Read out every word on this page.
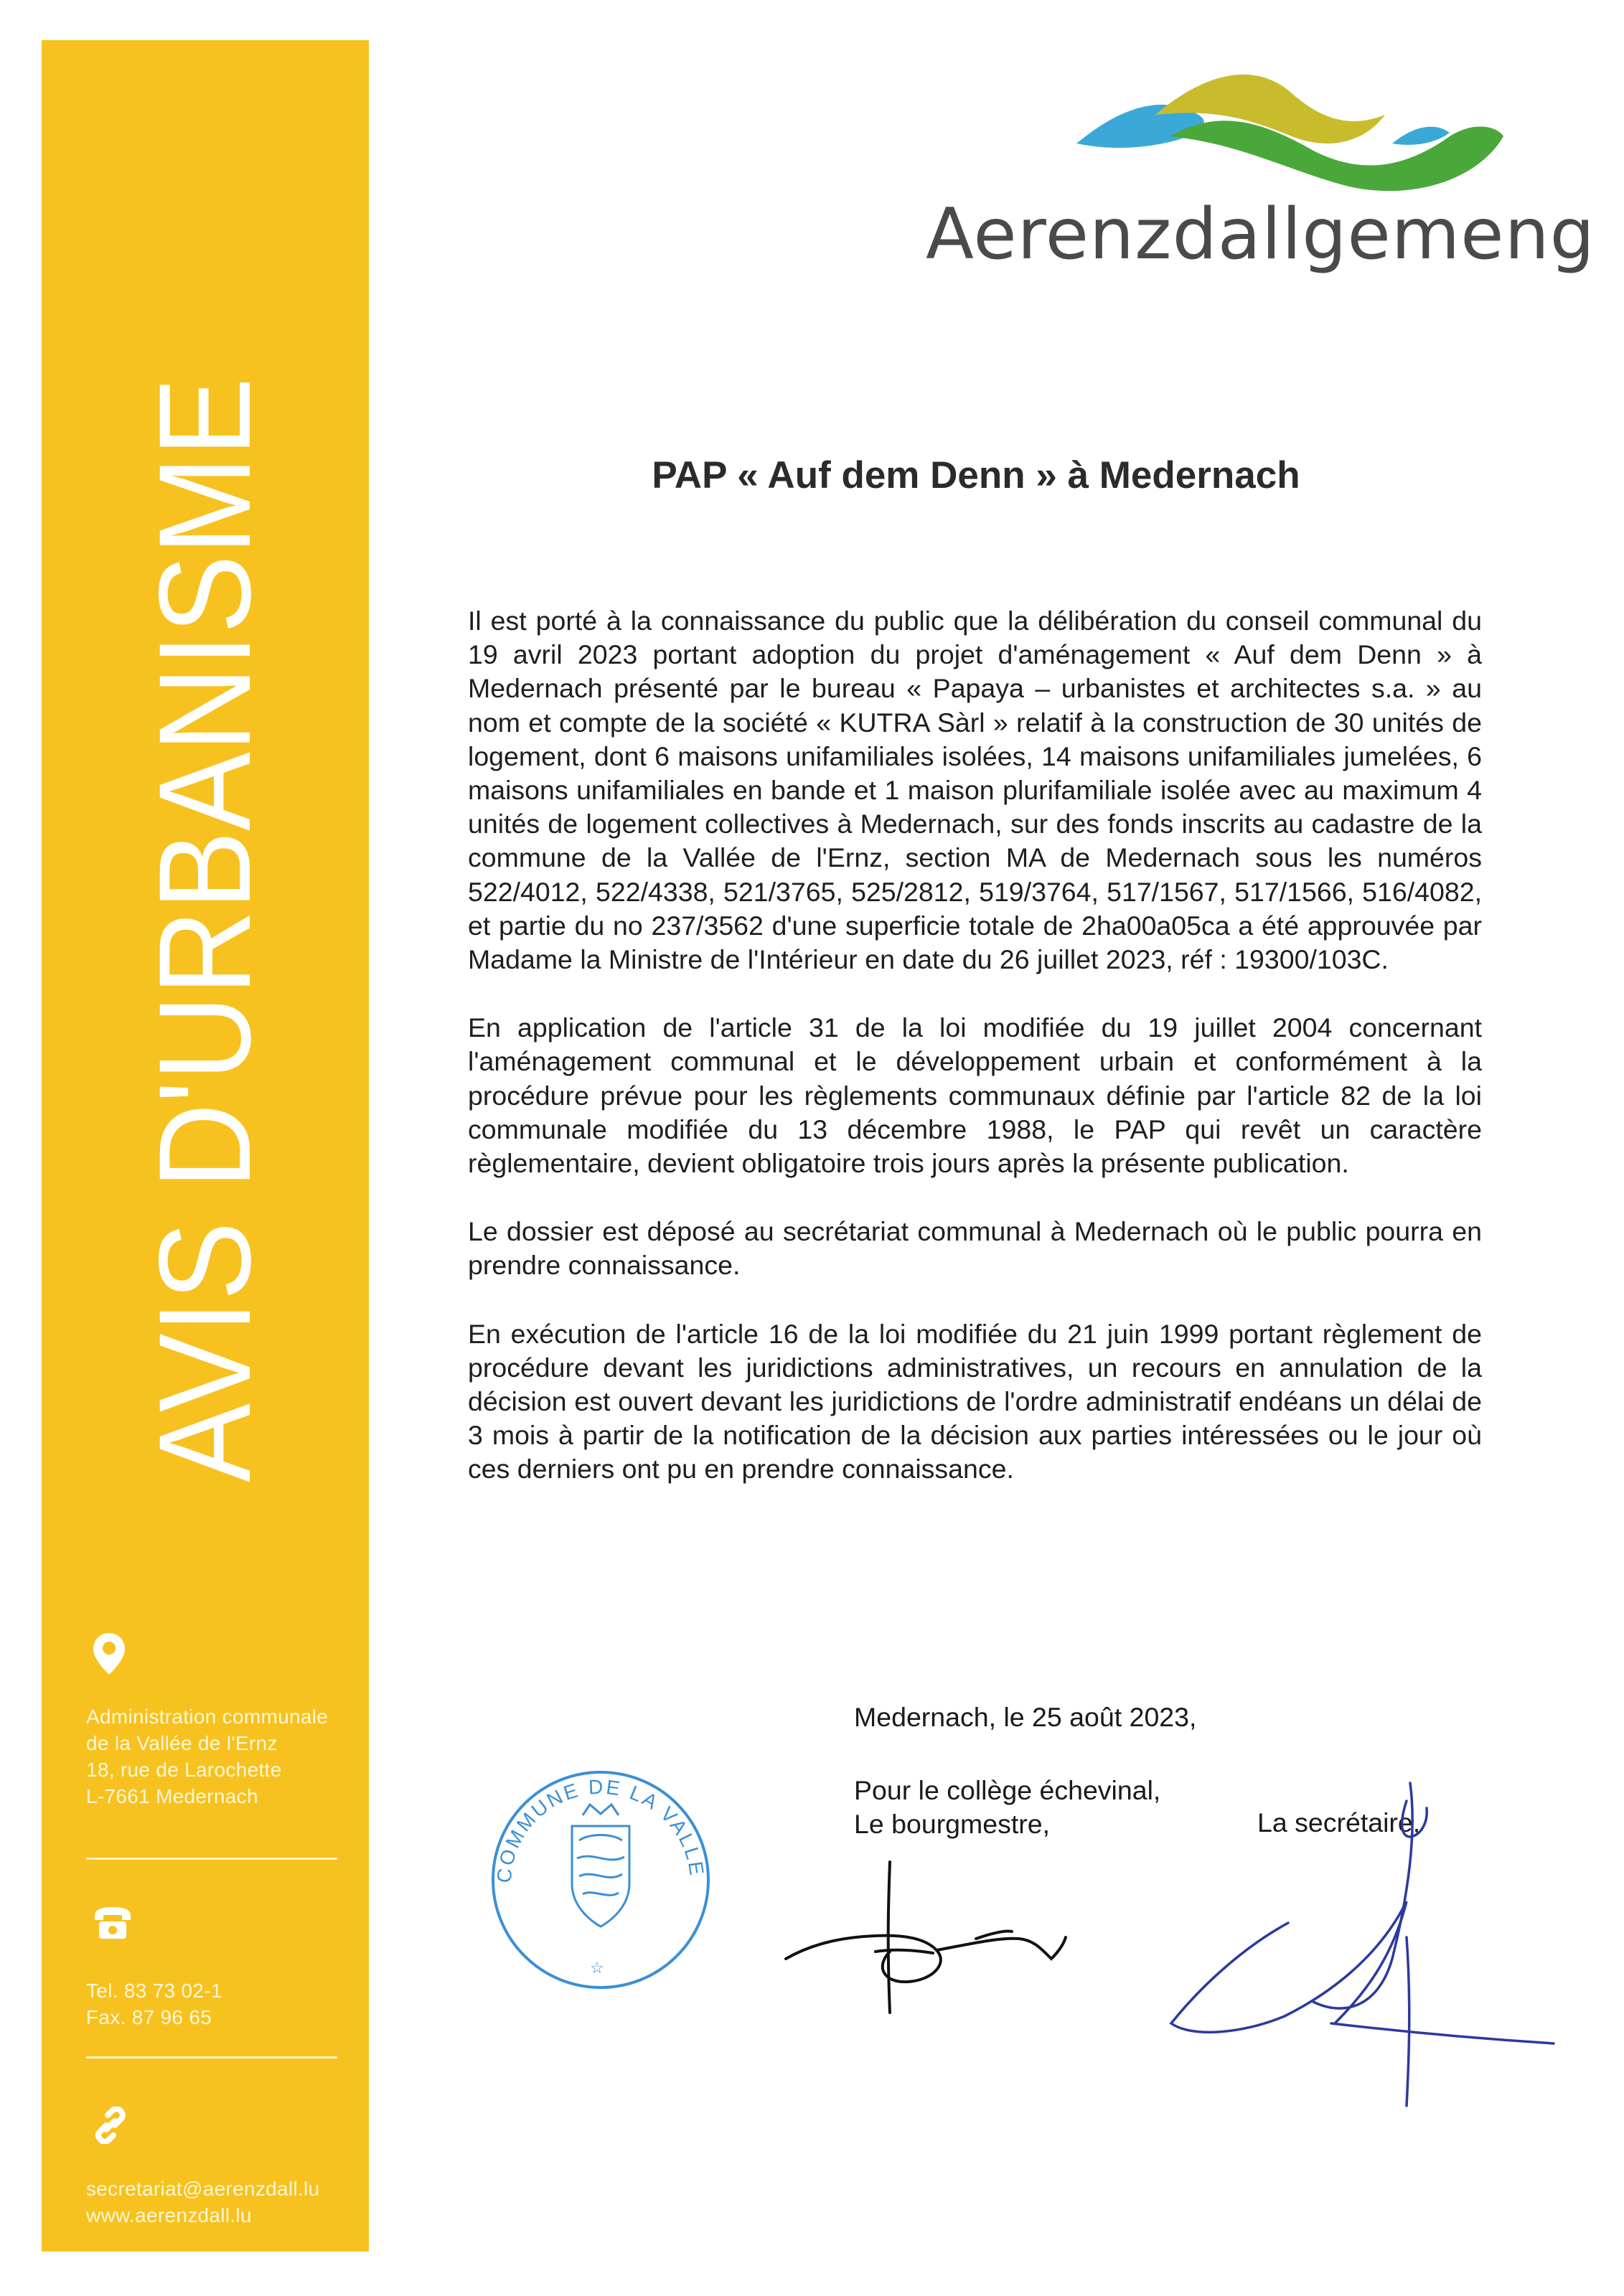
AVIS D'URBANISME
Administration communale
de la Vallée de l'Ernz
18, rue de Larochette
L-7661 Medernach
Tel. 83 73 02-1
Fax. 87 96 65
secretariat@aerenzdall.lu
www.aerenzdall.lu
Aerenzdallgemeng
PAP « Auf dem Denn » à Medernach

Il est porté à la connaissance du public que la délibération du conseil communal du 19 avril 2023 portant adoption du projet d'aménagement « Auf dem Denn » à Medernach présenté par le bureau « Papaya – urbanistes et architectes s.a. » au nom et compte de la société « KUTRA Sàrl » relatif à la construction de 30 unités de logement, dont 6 maisons unifamiliales isolées, 14 maisons unifamiliales jumelées, 6 maisons unifamiliales en bande et 1 maison plurifamiliale isolée avec au maximum 4 unités de logement collectives à Medernach, sur des fonds inscrits au cadastre de la commune de la Vallée de l'Ernz, section MA de Medernach sous les numéros 522/4012, 522/4338, 521/3765, 525/2812, 519/3764, 517/1567, 517/1566, 516/4082, et partie du no 237/3562 d'une superficie totale de 2ha00a05ca a été approuvée par Madame la Ministre de l'Intérieur en date du 26 juillet 2023, réf : 19300/103C.

En application de l'article 31 de la loi modifiée du 19 juillet 2004 concernant l'aménagement communal et le développement urbain et conformément à la procédure prévue pour les règlements communaux définie par l'article 82 de la loi communale modifiée du 13 décembre 1988, le PAP qui revêt un caractère règlementaire, devient obligatoire trois jours après la présente publication.

Le dossier est déposé au secrétariat communal à Medernach où le public pourra en prendre connaissance.

En exécution de l'article 16 de la loi modifiée du 21 juin 1999 portant règlement de procédure devant les juridictions administratives, un recours en annulation de la décision est ouvert devant les juridictions de l'ordre administratif endéans un délai de 3 mois à partir de la notification de la décision aux parties intéressées ou le jour où ces derniers ont pu en prendre connaissance.

Medernach, le 25 août 2023,
Pour le collège échevinal,
Le bourgmestre,	La secrétaire,
COMMUNE DE LA VALLE
☆
